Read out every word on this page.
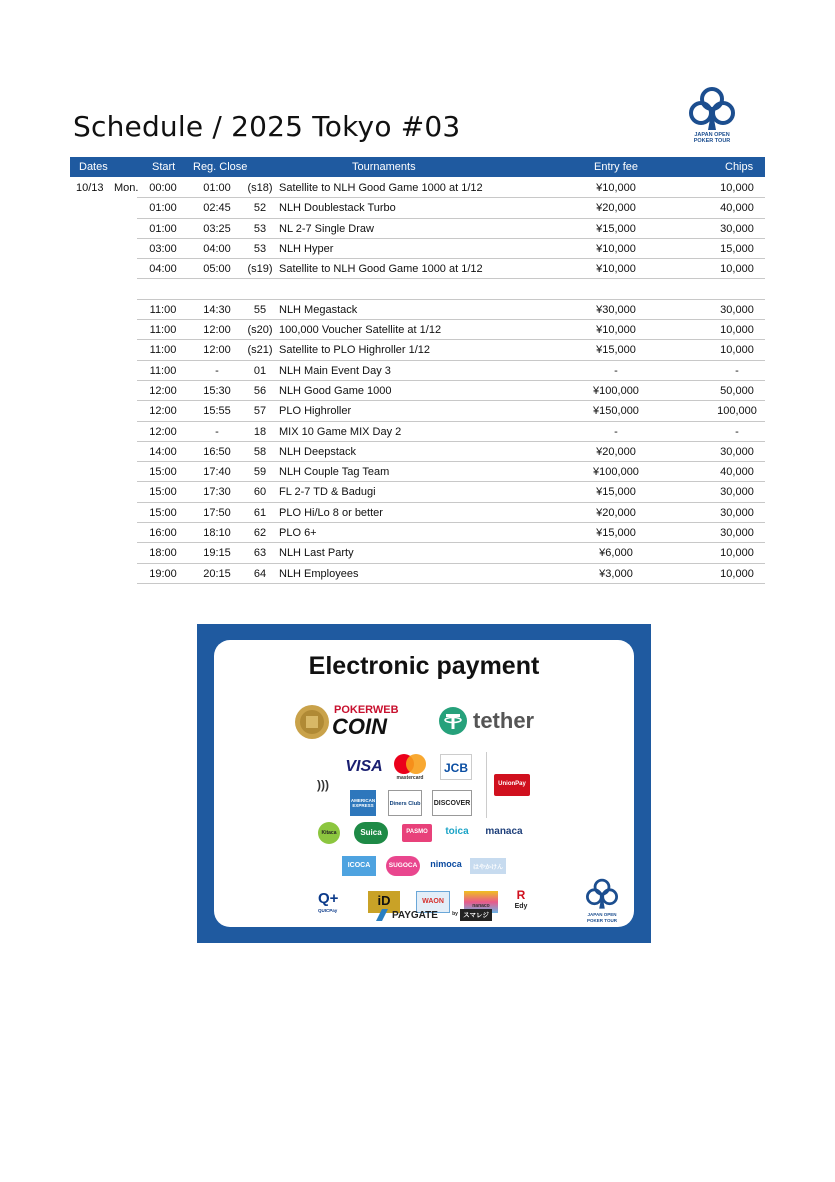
Schedule / 2025 Tokyo #03	JAPAN OPEN
POKER TOUR
Dates	Start Reg. Close	Tournaments	Entry fee	Chips
10/13 Mon. 00:00	01:00	(s18) Satellite to NLH Good Game 1000 at 1/12	¥10,000	10,000
01:00	02:45	52	NLH Doublestack Turbo	¥20,000	40,000
01:00	03:25	53	NL 2-7 Single Draw	¥15,000	30,000
03:00	04:00	53	NLH Hyper	¥10,000	15,000
04:00	05:00	(s19) Satellite to NLH Good Game 1000 at 1/12	¥10,000	10,000
11:00	14:30	55	NLH Megastack	¥30,000	30,000
11:00	12:00	(s20) 100,000 Voucher Satellite at 1/12	¥10,000	10,000
11:00	12:00	(s21) Satellite to PLO Highroller 1/12	¥15,000	10,000
11:00	-	01	NLH Main Event Day 3	-	-
12:00	15:30	56	NLH Good Game 1000	¥100,000	50,000
12:00	15:55	57	PLO Highroller	¥150,000	100,000
12:00	-	18	MIX 10 Game MIX Day 2	-	-
14:00	16:50	58	NLH Deepstack	¥20,000	30,000
15:00	17:40	59	NLH Couple Tag Team	¥100,000	40,000
15:00	17:30	60	FL 2-7 TD & Badugi	¥15,000	30,000
15:00	17:50	61	PLO Hi/Lo 8 or better	¥20,000	30,000
16:00	18:10	62	PLO 6+	¥15,000	30,000
18:00	19:15	63	NLH Last Party	¥6,000	10,000
19:00	20:15	64	NLH Employees	¥3,000	10,000
Electronic payment
POKERWEB
COIN	tether
)))
VISA
mastercard
JCB
UnionPay
AMERICAN EXPRESS	Diners Club DISCOVER
Kitaca	Suica	PASMO	toica	manaca
ICOCA	SUGOCA	nimoca	はやかけん
Q+
QUICPay
iD	WAON
nanaco
R
Edy
JAPAN OPEN
POKER TOUR
PAYGATE	by スマレジ
